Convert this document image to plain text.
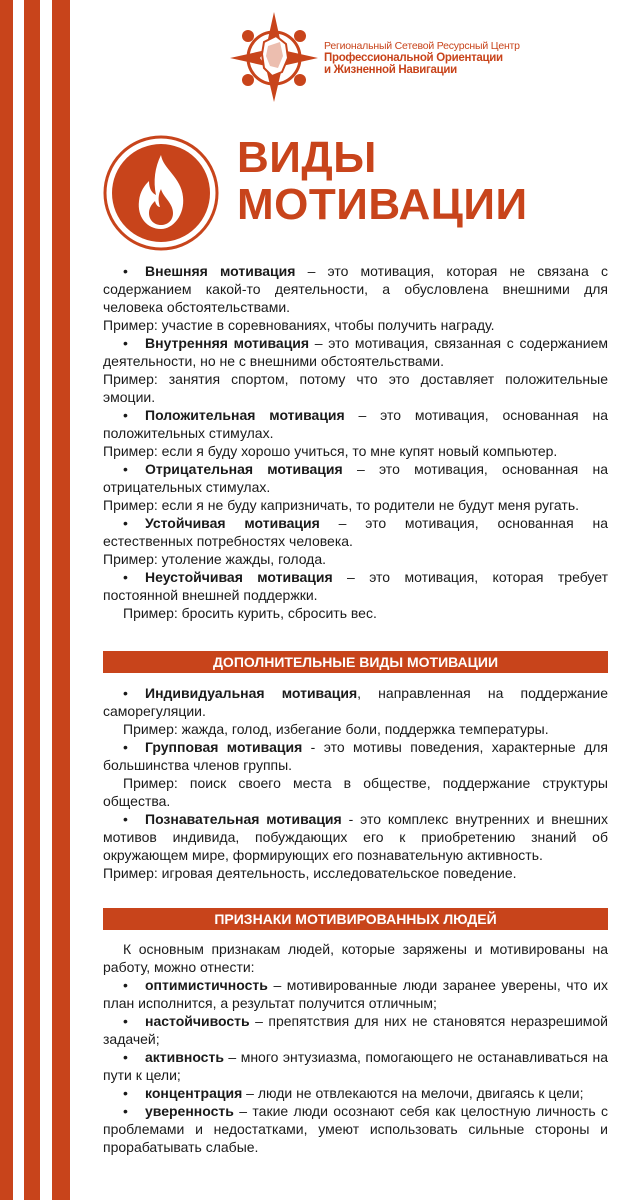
Региональный Сетевой Ресурсный Центр
Профессиональной Ориентации
и Жизненной Навигации
ВИДЫ
МОТИВАЦИИ

• Внешняя мотивация – это мотивация, которая не связана с содержанием какой-то деятельности, а обусловлена внешними для человека обстоятельствами.

Пример: участие в соревнованиях, чтобы получить награду.

• Внутренняя мотивация – это мотивация, связанная с содержанием деятельности, но не с внешними обстоятельствами.

Пример: занятия спортом, потому что это доставляет положительные эмоции.

• Положительная мотивация – это мотивация, основанная на положительных стимулах.

Пример: если я буду хорошо учиться, то мне купят новый компьютер.

• Отрицательная мотивация – это мотивация, основанная на отрицательных стимулах.

Пример: если я не буду капризничать, то родители не будут меня ругать.

• Устойчивая мотивация – это мотивация, основанная на естественных потребностях человека.

Пример: утоление жажды, голода.

• Неустойчивая мотивация – это мотивация, которая требует постоянной внешней поддержки.

Пример: бросить курить, сбросить вес.

ДОПОЛНИТЕЛЬНЫЕ ВИДЫ МОТИВАЦИИ

• Индивидуальная мотивация, направленная на поддержание саморегуляции.

Пример: жажда, голод, избегание боли, поддержка температуры.

• Групповая мотивация - это мотивы поведения, характерные для большинства членов группы.

Пример: поиск своего места в обществе, поддержание структуры общества.

• Познавательная мотивация - это комплекс внутренних и внешних мотивов индивида, побуждающих его к приобретению знаний об окружающем мире, формирующих его познавательную активность.

Пример: игровая деятельность, исследовательское поведение.

ПРИЗНАКИ МОТИВИРОВАННЫХ ЛЮДЕЙ

К основным признакам людей, которые заряжены и мотивированы на работу, можно отнести:

• оптимистичность – мотивированные люди заранее уверены, что их план исполнится, а результат получится отличным;

• настойчивость – препятствия для них не становятся неразрешимой задачей;

• активность – много энтузиазма, помогающего не останавливаться на пути к цели;

• концентрация – люди не отвлекаются на мелочи, двигаясь к цели;

• уверенность – такие люди осознают себя как целостную личность с проблемами и недостатками, умеют использовать сильные стороны и прорабатывать слабые.
